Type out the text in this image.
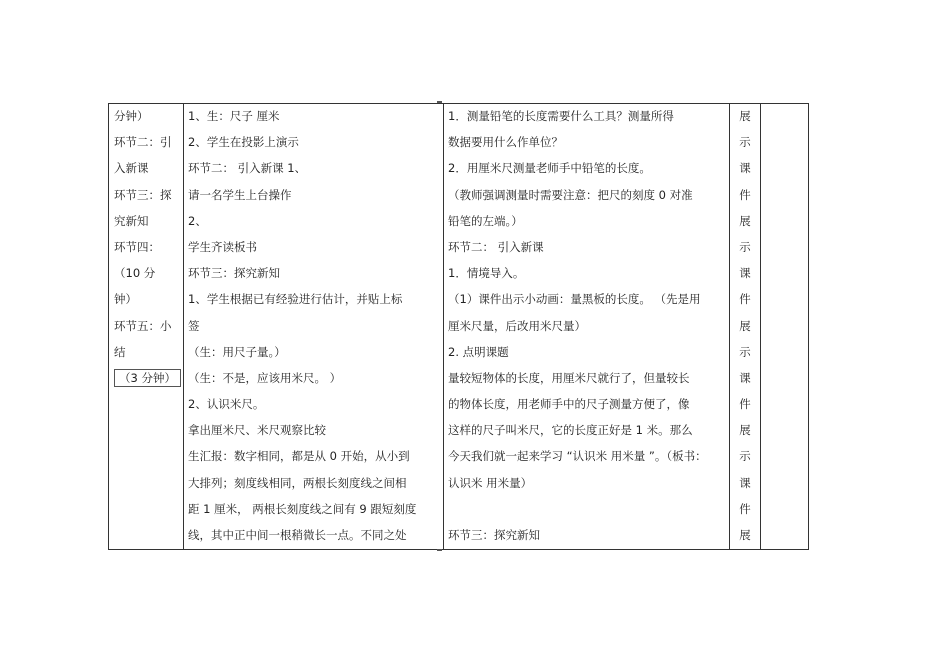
分钟）
环节二：引
入新课
环节三：探
究新知
环节四：
（10 分
钟）
环节五：小
结
（3 分钟）
1、生：尺子 厘米
2、学生在投影上演示
环节二： 引入新课 1、
请一名学生上台操作
2、
学生齐读板书
环节三：探究新知
1、学生根据已有经验进行估计，并贴上标
签
（生：用尺子量。）
（生：不是，应该用米尺。 ）
2、认识米尺。
拿出厘米尺、米尺观察比较
生汇报：数字相同，都是从 0 开始，从小到
大排列；刻度线相同，两根长刻度线之间相
距 1 厘米， 两根长刻度线之间有 9 跟短刻度
线，其中正中间一根稍微长一点。不同之处
1．测量铅笔的长度需要什么工具？测量所得
数据要用什么作单位？
2．用厘米尺测量老师手中铅笔的长度。
（教师强调测量时需要注意：把尺的刻度 0 对准
铅笔的左端。）
环节二： 引入新课
1．情境导入。
（1）课件出示小动画：量黑板的长度。 （先是用
厘米尺量，后改用米尺量）
2. 点明课题
量较短物体的长度，用厘米尺就行了，但量较长
的物体长度，用老师手中的尺子测量方便了，像
这样的尺子叫米尺，它的长度正好是 1 米。那么
今天我们就一起来学习 “认识米 用米量 ”。（板书：
认识米 用米量）
环节三：探究新知
展
示
课
件
展
示
课
件
展
示
课
件
展
示
课
件
展
